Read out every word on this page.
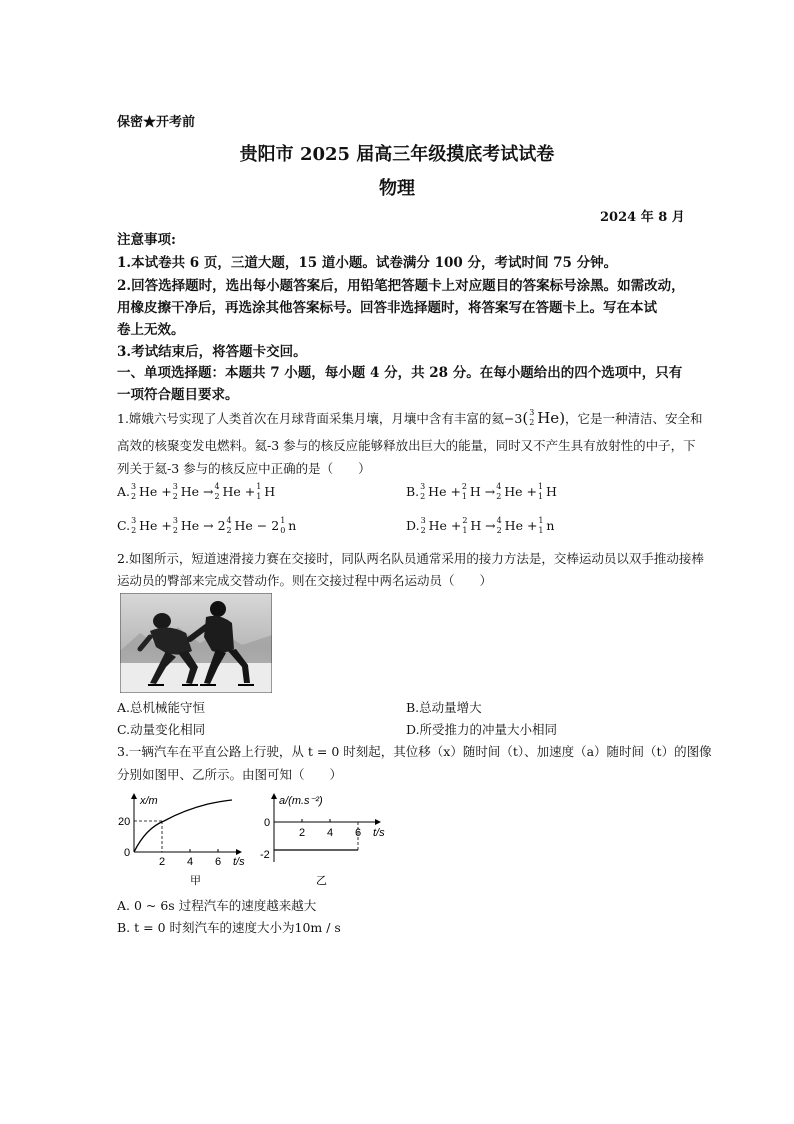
保密★开考前
贵阳市 2025 届高三年级摸底考试试卷
物理
2024 年 8 月
注意事项:
1.本试卷共 6 页，三道大题，15 道小题。试卷满分 100 分，考试时间 75 分钟。
2.回答选择题时，选出每小题答案后，用铅笔把答题卡上对应题目的答案标号涂黑。如需改动，
用橡皮擦干净后，再选涂其他答案标号。回答非选择题时，将答案写在答题卡上。写在本试
卷上无效。
3.考试结束后，将答题卡交回。
一、单项选择题：本题共 7 小题，每小题 4 分，共 28 分。在每小题给出的四个选项中，只有
一项符合题目要求。
1.嫦娥六号实现了人类首次在月球背面采集月壤，月壤中含有丰富的氦−3( 3
2 He)，它是一种清洁、安全和
高效的核聚变发电燃料。氦-3 参与的核反应能够释放出巨大的能量，同时又不产生具有放射性的中子，下
列关于氦-3 参与的核反应中正确的是（　　）
A. 3
2 He + 3
2 He → 4
2 He + 1
1 H	B. 3
2 He + 2
1 H → 4
2 He + 1
1 H
C. 3
2 He + 3
2 He → 2 4
2 He − 2 1
0 n	D. 3
2 He + 2
1 H → 4
2 He + 1
1 n
2.如图所示，短道速滑接力赛在交接时，同队两名队员通常采用的接力方法是，交棒运动员以双手推动接棒
运动员的臀部来完成交替动作。则在交接过程中两名运动员（　　）
A.总机械能守恒	B.总动量增大
C.动量变化相同	D.所受推力的冲量大小相同
3.一辆汽车在平直公路上行驶，从 t = 0 时刻起，其位移（x）随时间（t）、加速度（a）随时间（t）的图像
分别如图甲、乙所示。由图可知（　　）
x/m
20
0
2 4 6 t/s
甲
a/(m.s⁻²)
0
-2
2 4 6 t/s
乙
A. 0 ~ 6s 过程汽车的速度越来越大
B. t = 0 时刻汽车的速度大小为10m / s
